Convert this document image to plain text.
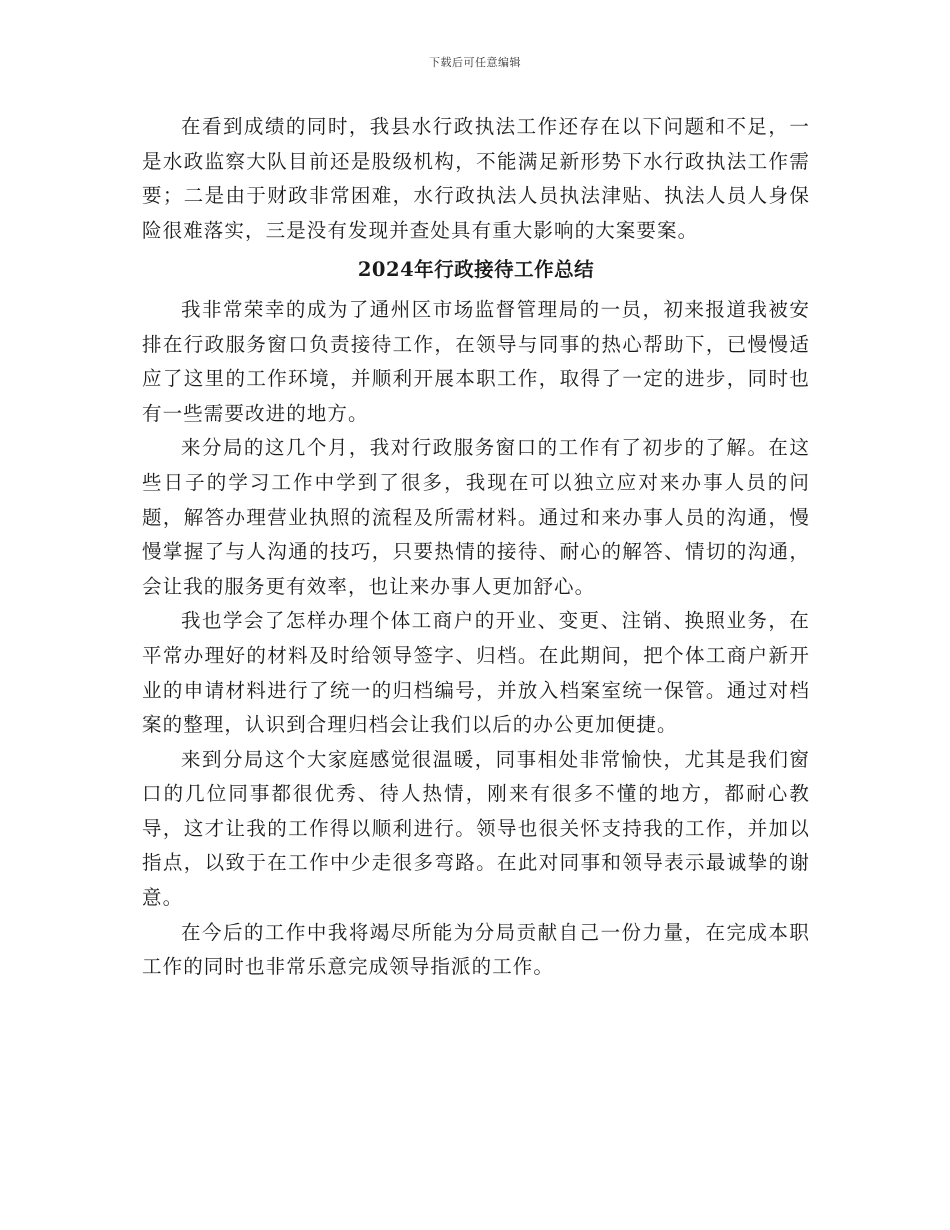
下载后可任意编辑

在看到成绩的同时，我县水行政执法工作还存在以下问题和不足，一是水政监察大队目前还是股级机构，不能满足新形势下水行政执法工作需要；二是由于财政非常困难，水行政执法人员执法津贴、执法人员人身保险很难落实，三是没有发现并查处具有重大影响的大案要案。

2024年行政接待工作总结

我非常荣幸的成为了通州区市场监督管理局的一员，初来报道我被安排在行政服务窗口负责接待工作，在领导与同事的热心帮助下，已慢慢适应了这里的工作环境，并顺利开展本职工作，取得了一定的进步，同时也有一些需要改进的地方。

来分局的这几个月，我对行政服务窗口的工作有了初步的了解。在这些日子的学习工作中学到了很多，我现在可以独立应对来办事人员的问题，解答办理营业执照的流程及所需材料。通过和来办事人员的沟通，慢慢掌握了与人沟通的技巧，只要热情的接待、耐心的解答、情切的沟通，会让我的服务更有效率，也让来办事人更加舒心。

我也学会了怎样办理个体工商户的开业、变更、注销、换照业务，在平常办理好的材料及时给领导签字、归档。在此期间，把个体工商户新开业的申请材料进行了统一的归档编号，并放入档案室统一保管。通过对档案的整理，认识到合理归档会让我们以后的办公更加便捷。

来到分局这个大家庭感觉很温暖，同事相处非常愉快，尤其是我们窗口的几位同事都很优秀、待人热情，刚来有很多不懂的地方，都耐心教导，这才让我的工作得以顺利进行。领导也很关怀支持我的工作，并加以指点，以致于在工作中少走很多弯路。在此对同事和领导表示最诚挚的谢意。

在今后的工作中我将竭尽所能为分局贡献自己一份力量，在完成本职工作的同时也非常乐意完成领导指派的工作。
